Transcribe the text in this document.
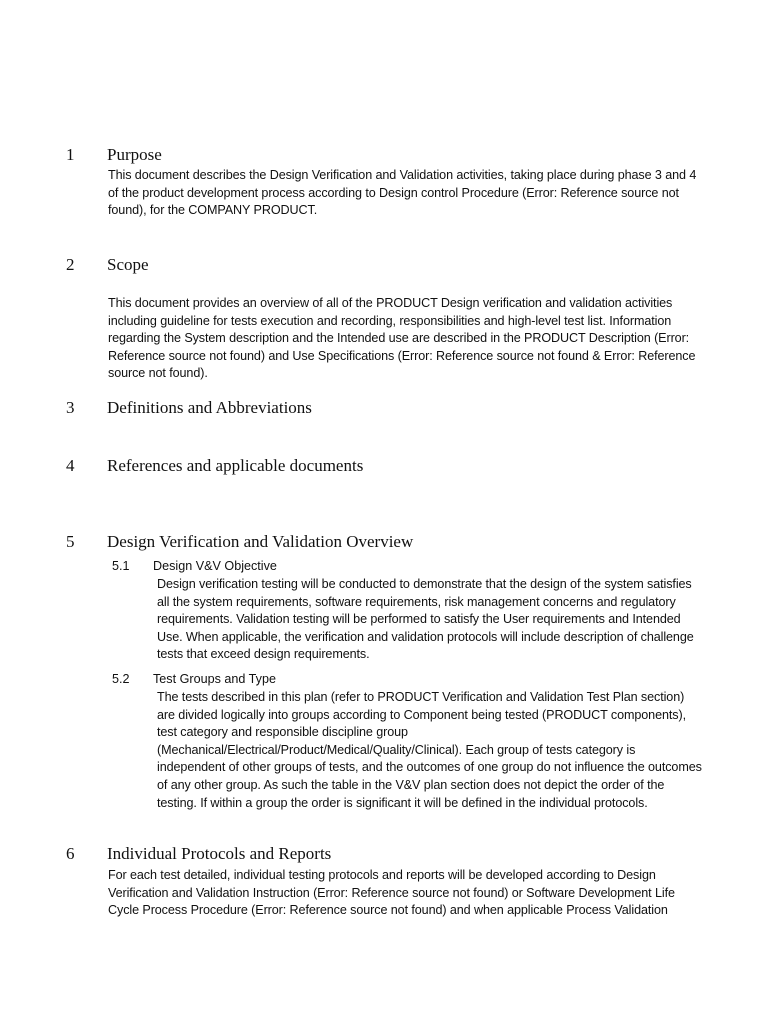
1 Purpose
This document describes the Design Verification and Validation activities, taking place during phase 3 and 4 of the product development process according to Design control Procedure (Error: Reference source not found), for the COMPANY PRODUCT.
2 Scope
This document provides an overview of all of the PRODUCT Design verification and validation activities including guideline for tests execution and recording, responsibilities and high-level test list. Information regarding the System description and the Intended use are described in the PRODUCT Description (Error: Reference source not found) and Use Specifications (Error: Reference source not found & Error: Reference source not found).
3 Definitions and Abbreviations
4 References and applicable documents
5 Design Verification and Validation Overview
5.1 Design V&V Objective
Design verification testing will be conducted to demonstrate that the design of the system satisfies all the system requirements, software requirements, risk management concerns and regulatory requirements. Validation testing will be performed to satisfy the User requirements and Intended Use. When applicable, the verification and validation protocols will include description of challenge tests that exceed design requirements.
5.2 Test Groups and Type
The tests described in this plan (refer to PRODUCT Verification and Validation Test Plan section) are divided logically into groups according to Component being tested (PRODUCT components), test category and responsible discipline group (Mechanical/Electrical/Product/Medical/Quality/Clinical). Each group of tests category is independent of other groups of tests, and the outcomes of one group do not influence the outcomes of any other group. As such the table in the V&V plan section does not depict the order of the testing. If within a group the order is significant it will be defined in the individual protocols.
6 Individual Protocols and Reports
For each test detailed, individual testing protocols and reports will be developed according to Design Verification and Validation Instruction (Error: Reference source not found) or Software Development Life Cycle Process Procedure (Error: Reference source not found) and when applicable Process Validation
